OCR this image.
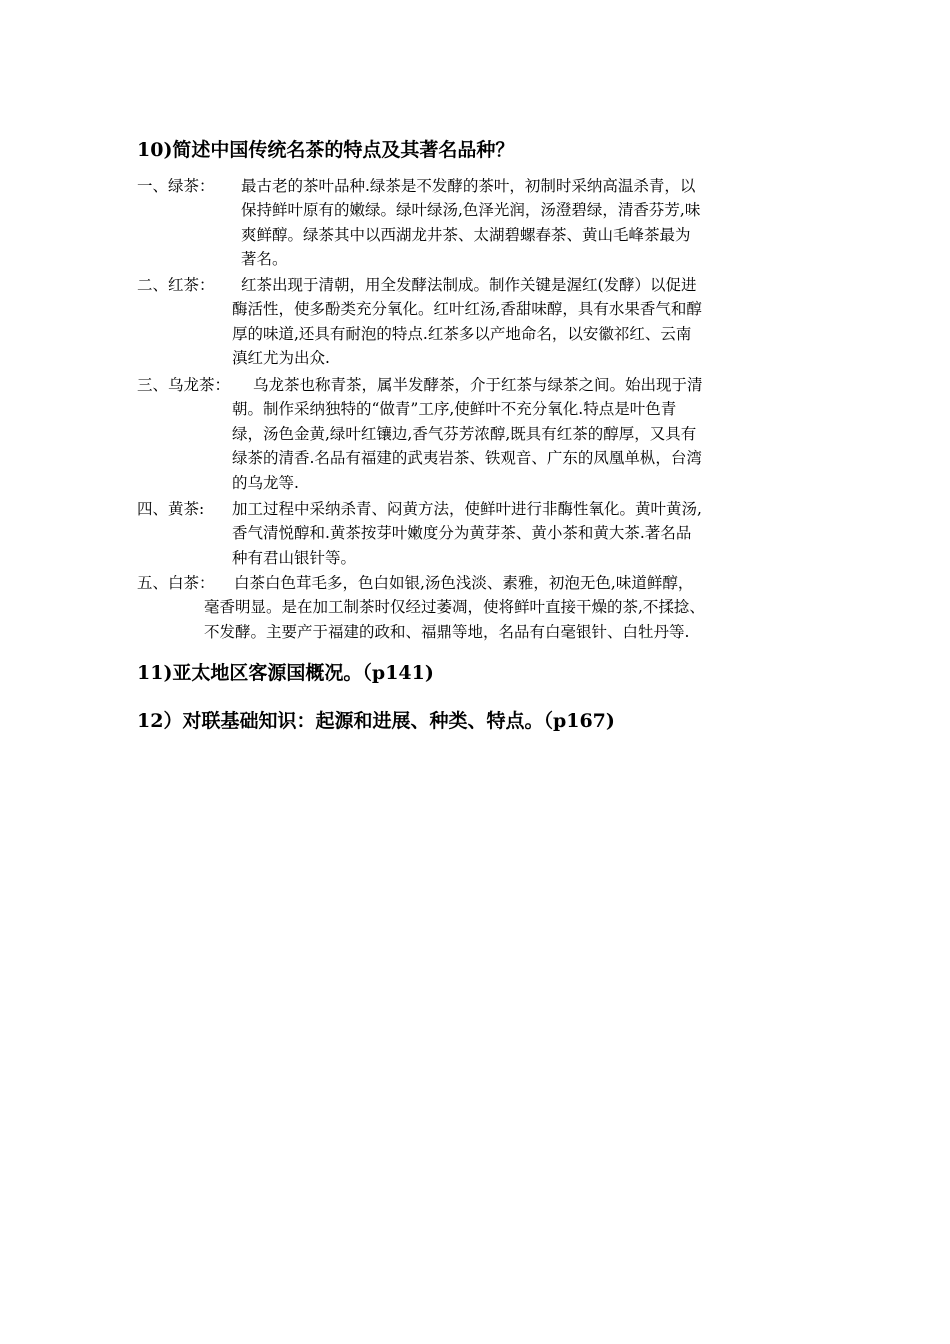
10)简述中国传统名茶的特点及其著名品种？
一、绿茶： 最古老的茶叶品种.绿茶是不发酵的茶叶，初制时采纳高温杀青，以
保持鲜叶原有的嫩绿。绿叶绿汤,色泽光润，汤澄碧绿，清香芬芳,味
爽鲜醇。绿茶其中以西湖龙井茶、太湖碧螺春茶、黄山毛峰茶最为
著名。
二、红茶： 红茶出现于清朝，用全发酵法制成。制作关键是渥红(发酵）以促进
酶活性，使多酚类充分氧化。红叶红汤,香甜味醇，具有水果香气和醇
厚的味道,还具有耐泡的特点.红茶多以产地命名，以安徽祁红、云南
滇红尤为出众.
三、乌龙茶： 乌龙茶也称青茶，属半发酵茶，介于红茶与绿茶之间。始出现于清
朝。制作采纳独特的“做青”工序,使鲜叶不充分氧化.特点是叶色青
绿，汤色金黄,绿叶红镶边,香气芬芳浓醇,既具有红茶的醇厚，又具有
绿茶的清香.名品有福建的武夷岩茶、铁观音、广东的凤凰单枞，台湾
的乌龙等.
四、黄茶: 加工过程中采纳杀青、闷黄方法，使鲜叶进行非酶性氧化。黄叶黄汤,
香气清悦醇和.黄茶按芽叶嫩度分为黄芽茶、黄小茶和黄大茶.著名品
种有君山银针等。
五、白茶： 白茶白色茸毛多，色白如银,汤色浅淡、素雅，初泡无色,味道鲜醇，
毫香明显。是在加工制茶时仅经过萎凋，使将鲜叶直接干燥的茶,不揉捻、
不发酵。主要产于福建的政和、福鼎等地，名品有白毫银针、白牡丹等.
11)亚太地区客源国概况。（p141)
12）对联基础知识：起源和进展、种类、特点。（p167)
